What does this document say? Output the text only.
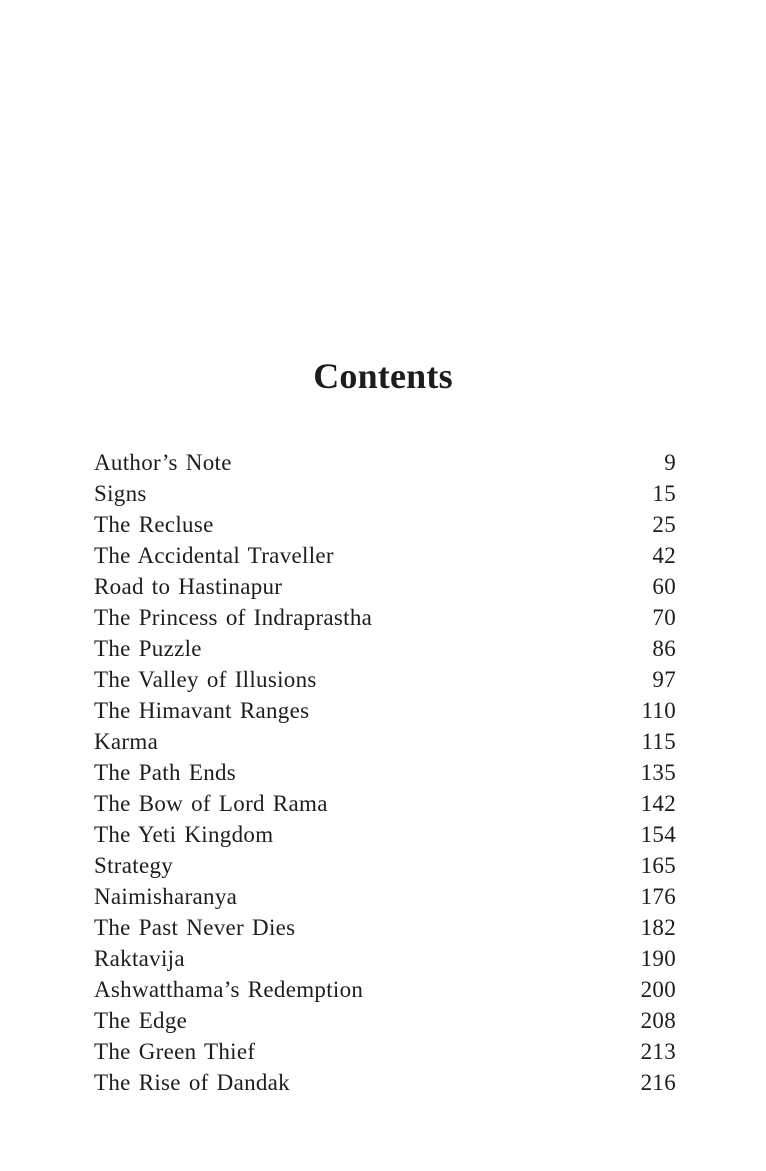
Contents
Author’s Note	9
Signs	15
The Recluse	25
The Accidental Traveller	42
Road to Hastinapur	60
The Princess of Indraprastha	70
The Puzzle	86
The Valley of Illusions	97
The Himavant Ranges	110
Karma	115
The Path Ends	135
The Bow of Lord Rama	142
The Yeti Kingdom	154
Strategy	165
Naimisharanya	176
The Past Never Dies	182
Raktavija	190
Ashwatthama’s Redemption	200
The Edge	208
The Green Thief	213
The Rise of Dandak	216
